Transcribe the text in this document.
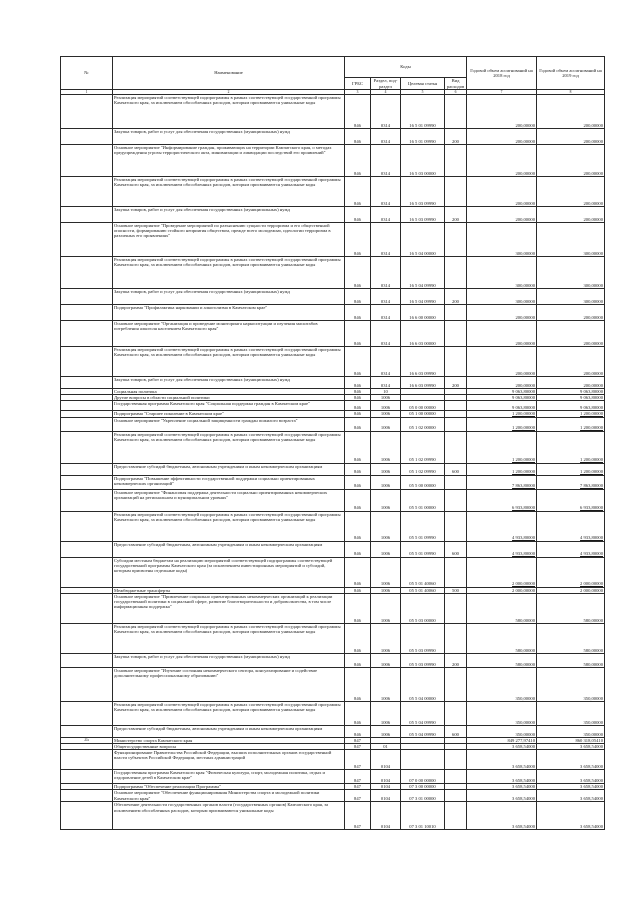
№	Наименование	Коды				Годовой объем ассигнований на 2018 год	Годовой объем ассигнований на 2019 год
		ГРБС	Раздел, под-раздел	Целевая статья	Вид расходов		
1	2	3	4	5	6	7	8
	Реализация мероприятий соответствующей подпрограммы в рамках соответствующей государственной программы Камчатского края, за исключением обособленных расходов, которым присваиваются уникальные коды	846	0314	16 5 01 09990		200,00000	200,00000
	Закупка товаров, работ и услуг для обеспечения государственных (муниципальных) нужд	846	0314	16 5 01 09990	200	200,00000	200,00000
	Основное мероприятие "Информирование граждан, проживающих на территории Камчатского края, о методах предупреждения угрозы террористического акта, минимизации и ликвидации последствий его проявлений"	846	0314	16 5 03 00000		200,00000	200,00000
	Реализация мероприятий соответствующей подпрограммы в рамках соответствующей государственной программы Камчатского края, за исключением обособленных расходов, которым присваиваются уникальные коды	846	0314	16 5 03 09990		200,00000	200,00000
	Закупка товаров, работ и услуг для обеспечения государственных (муниципальных) нужд	846	0314	16 5 03 09990	200	200,00000	200,00000
	Основное мероприятие "Проведение мероприятий по разъяснению сущности терроризма и его общественной опасности, формированию стойкого неприятия обществом, прежде всего молодежью, идеологии терроризма в различных его проявлениях"	846	0314	16 5 04 00000		300,00000	300,00000
	Реализация мероприятий соответствующей подпрограммы в рамках соответствующей государственной программы Камчатского края, за исключением обособленных расходов, которым присваиваются уникальные коды	846	0314	16 5 04 09990		300,00000	300,00000
	Закупка товаров, работ и услуг для обеспечения государственных (муниципальных) нужд	846	0314	16 5 04 09990	200	300,00000	300,00000
	Подпрограмма "Профилактика наркомании и алкоголизма в Камчатском крае"	846	0314	16 6 00 00000		200,00000	200,00000
	Основное мероприятие "Организация и проведение мониторинга наркоситуации и изучения масштабов потребления алкоголя населением Камчатского края"	846	0314	16 6 03 00000		200,00000	200,00000
	Реализация мероприятий соответствующей подпрограммы в рамках соответствующей государственной программы Камчатского края, за исключением обособленных расходов, которым присваиваются уникальные коды	846	0314	16 6 03 09990		200,00000	200,00000
	Закупка товаров, работ и услуг для обеспечения государственных (муниципальных) нужд	846	0314	16 6 03 09990	200	200,00000	200,00000
	Социальная политика	846	10			9 063,80000	9 063,80000
	Другие вопросы в области социальной политики	846	1006			9 063,80000	9 063,80000
	Государственная программа Камчатского края "Социальная поддержка граждан в Камчатском крае"	846	1006	05 0 00 00000		9 063,80000	9 063,80000
	Подпрограмма "Старшее поколение в Камчатском крае"	846	1006	05 1 00 00000		1 200,00000	1 200,00000
	Основное мероприятие "Укрепление социальной защищенности граждан пожилого возраста"	846	1006	05 1 02 00000		1 200,00000	1 200,00000
	Реализация мероприятий соответствующей подпрограммы в рамках соответствующей государственной программы Камчатского края, за исключением обособленных расходов, которым присваиваются уникальные коды	846	1006	05 1 02 09990		1 200,00000	1 200,00000
	Предоставление субсидий бюджетным, автономным учреждениям и иным некоммерческим организациям	846	1006	05 1 02 09990	600	1 200,00000	1 200,00000
	Подпрограмма "Повышение эффективности государственной поддержки социально ориентированных некоммерческих организаций"	846	1006	05 5 00 00000		7 863,80000	7 863,80000
	Основное мероприятие "Финансовая поддержка деятельности социально ориентированных некоммерческих организаций на региональном и муниципальном уровнях"	846	1006	05 5 01 00000		6 933,80000	6 933,80000
	Реализация мероприятий соответствующей подпрограммы в рамках соответствующей государственной программы Камчатского края, за исключением обособленных расходов, которым присваиваются уникальные коды	846	1006	05 5 01 09990		4 933,80000	4 933,80000
	Предоставление субсидий бюджетным, автономным учреждениям и иным некоммерческим организациям	846	1006	05 5 01 09990	600	4 933,80000	4 933,80000
	Субсидии местным бюджетам на реализацию мероприятий соответствующей подпрограммы соответствующей государственной программы Камчатского края (за исключением инвестиционных мероприятий и субсидий, которым присвоены отдельные коды)	846	1006	05 5 01 40060		2 000,00000	2 000,00000
	Межбюджетные трансферты	846	1006	05 5 01 40060	500	2 000,00000	2 000,00000
	Основное мероприятие "Привлечение социально ориентированных некоммерческих организаций к реализации государственной политики в социальной сфере, развитие благотворительности и добровольчества, в том числе информационная поддержка"	846	1006	05 5 03 00000		580,00000	580,00000
	Реализация мероприятий соответствующей подпрограммы в рамках соответствующей государственной программы Камчатского края, за исключением обособленных расходов, которым присваиваются уникальные коды	846	1006	05 5 03 09990		580,00000	580,00000
	Закупка товаров, работ и услуг для обеспечения государственных (муниципальных) нужд	846	1006	05 5 03 09990	200	580,00000	580,00000
	Основное мероприятие "Изучение состояния некоммерческого сектора, консультирование и содействие дополнительному профессиональному образованию"	846	1006	05 5 04 00000		350,00000	350,00000
	Реализация мероприятий соответствующей подпрограммы в рамках соответствующей государственной программы Камчатского края, за исключением обособленных расходов, которым присваиваются уникальные коды	846	1006	05 5 04 09990		350,00000	350,00000
	Предоставление субсидий бюджетным, автономным учреждениям и иным некоммерческим организациям	846	1006	05 5 04 09990	600	350,00000	350,00000
35	Министерство спорта Камчатского края	847				849 277,97410	860 318,05410
	Общегосударственные вопросы	847	01			3 658,54000	3 658,54000
	Функционирование Правительства Российской Федерации, высших исполнительных органов государственной власти субъектов Российской Федерации, местных администраций	847	0104			3 658,54000	3 658,54000
	Государственная программа Камчатского края "Физическая культура, спорт, молодежная политика, отдых и оздоровление детей в Камчатском крае"	847	0104	07 0 00 00000		3 658,54000	3 658,54000
	Подпрограмма "Обеспечение реализации Программы"	847	0104	07 3 00 00000		3 658,54000	3 658,54000
	Основное мероприятие "Обеспечение функционирования Министерства спорта и молодежной политики Камчатского края"	847	0104	07 3 01 00000		3 658,54000	3 658,54000
	Обеспечение деятельности государственных органов власти (государственных органов) Камчатского края, за исключением обособленных расходов, которым присваиваются уникальные коды	847	0104	07 3 01 10010		3 658,54000	3 658,54000
